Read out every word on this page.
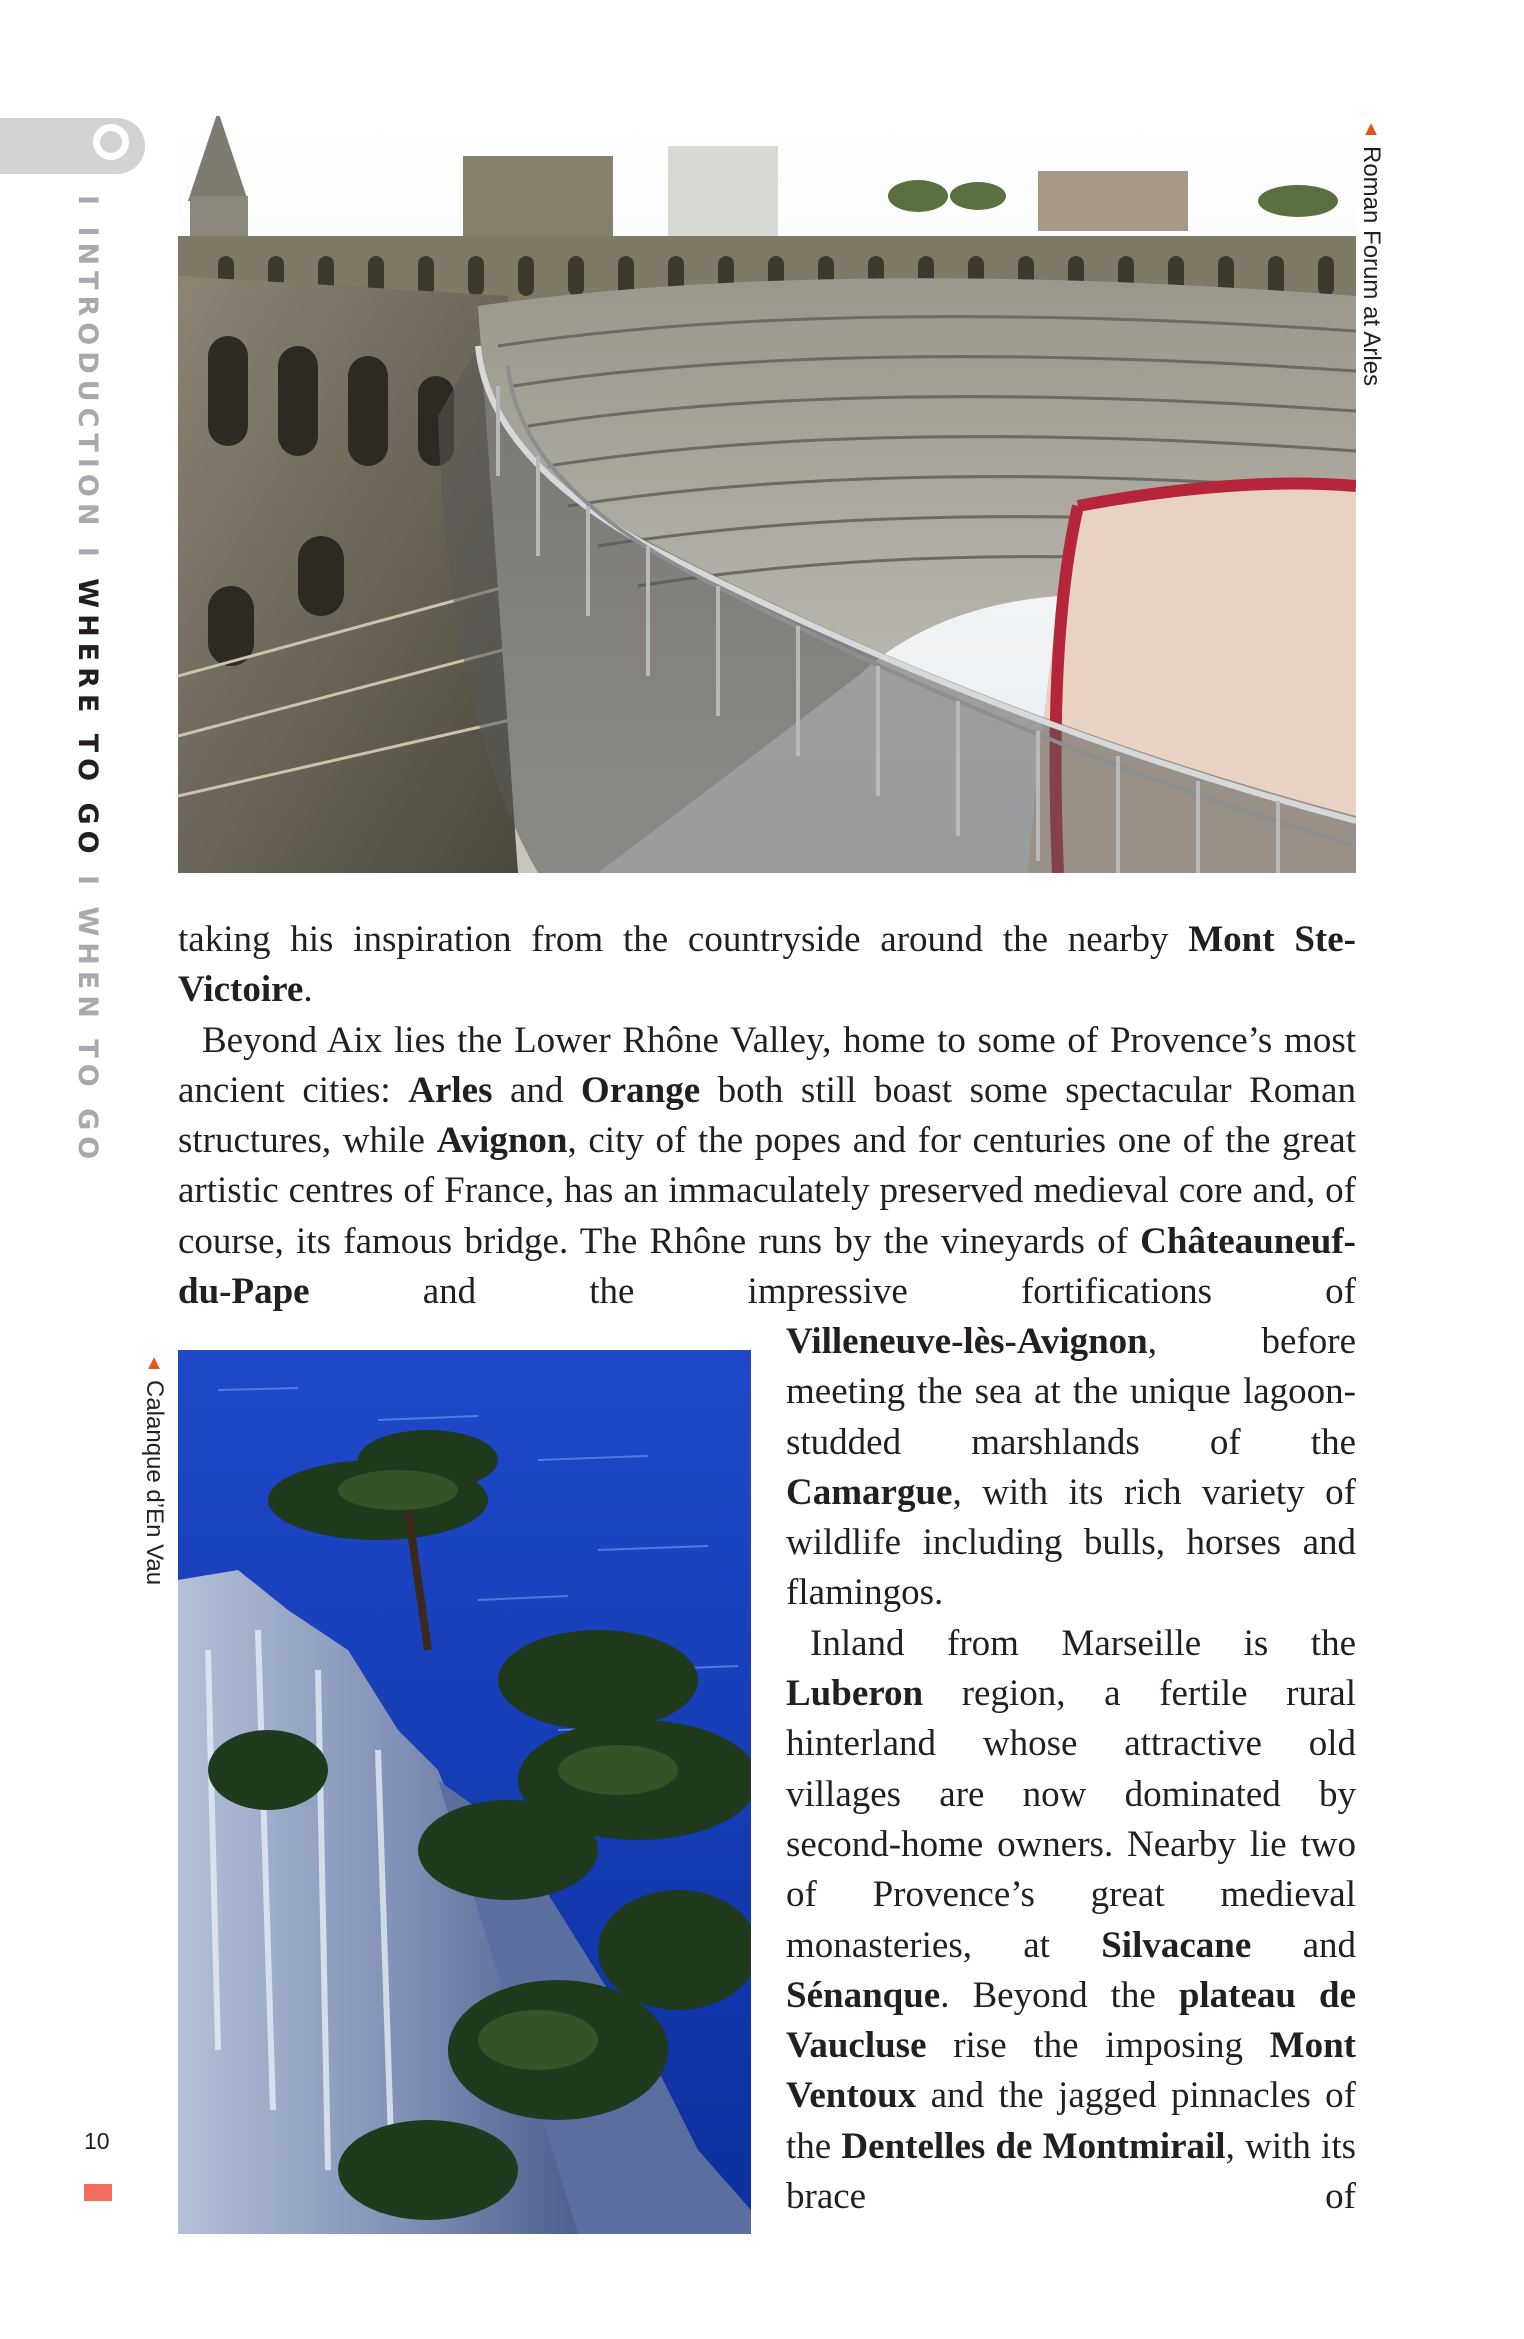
I INTRODUCTION I WHERE TO GO I WHEN TO GO
▲Roman Forum at Arles

taking his inspiration from the countryside around the nearby Mont Ste-Victoire.

Beyond Aix lies the Lower Rhône Valley, home to some of Provence’s most ancient cities: Arles and Orange both still boast some spectacular Roman structures, while Avignon, city of the popes and for centuries one of the great artistic centres of France, has an immaculately preserved medieval core and, of course, its famous bridge. The Rhône runs by the vineyards of Châteauneuf-du-Pape and the impressive fortifications of

▲Calanque d’En Vau

Villeneuve-lès-Avignon, before meeting the sea at the unique lagoon-studded marshlands of the Camargue, with its rich variety of wildlife including bulls, horses and flamingos.

Inland from Marseille is the Luberon region, a fertile rural hinterland whose attractive old villages are now dominated by second-home owners. Nearby lie two of Provence’s great medieval monasteries, at Silvacane and Sénanque. Beyond the plateau de Vaucluse rise the imposing Mont Ventoux and the jagged pinnacles of the Dentelles de Montmirail, with its brace of

10
